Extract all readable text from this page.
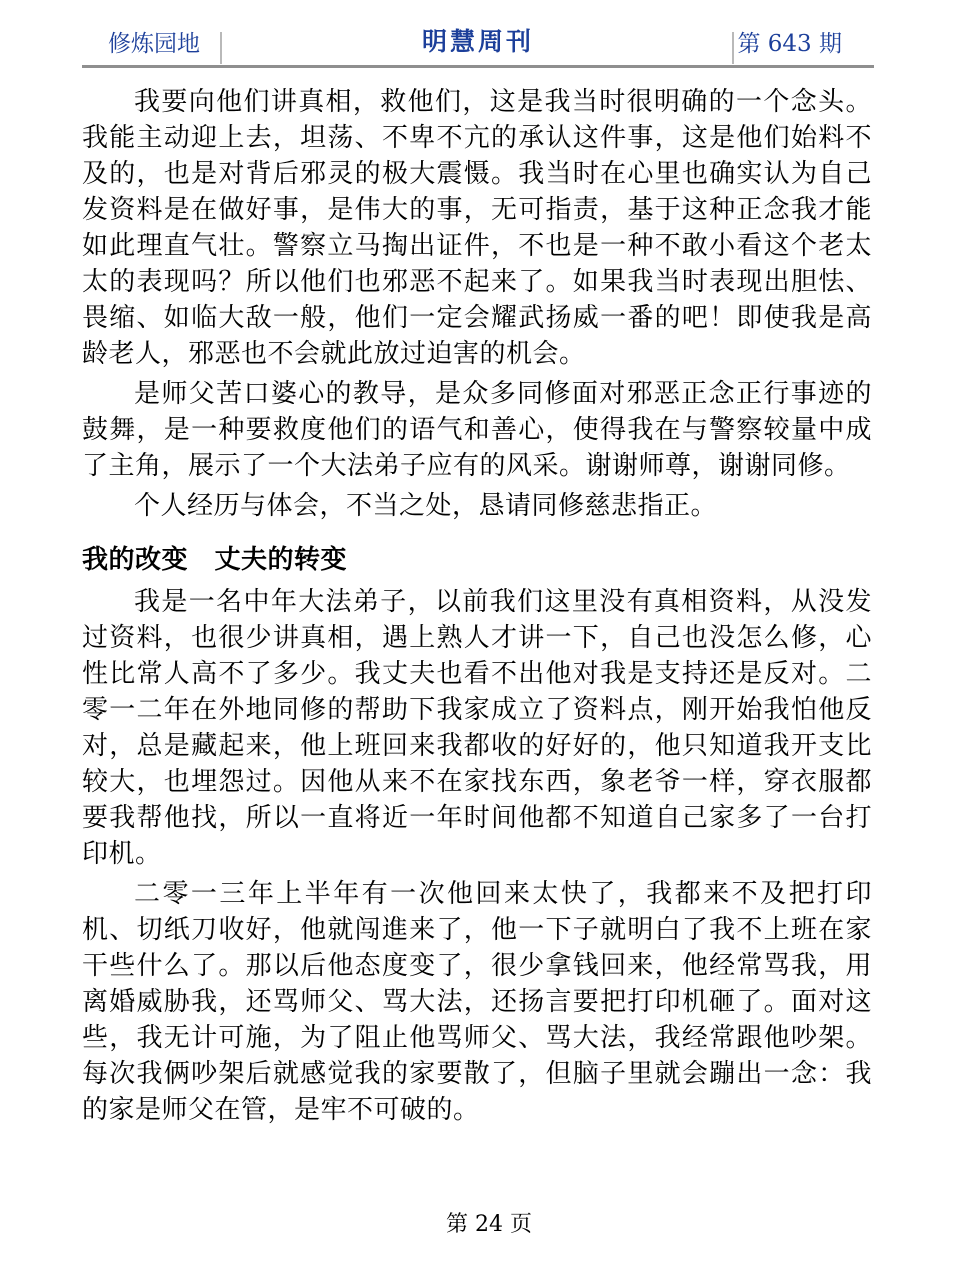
修炼园地	明慧周刊	第 643 期

我要向他们讲真相，救他们，这是我当时很明确的一个念头。我能主动迎上去，坦荡、不卑不亢的承认这件事，这是他们始料不及的，也是对背后邪灵的极大震慑。我当时在心里也确实认为自己发资料是在做好事，是伟大的事，无可指责，基于这种正念我才能如此理直气壮。警察立马掏出证件，不也是一种不敢小看这个老太太的表现吗？所以他们也邪恶不起来了。如果我当时表现出胆怯、畏缩、如临大敌一般，他们一定会耀武扬威一番的吧！即使我是高龄老人，邪恶也不会就此放过迫害的机会。

是师父苦口婆心的教导，是众多同修面对邪恶正念正行事迹的鼓舞，是一种要救度他们的语气和善心，使得我在与警察较量中成了主角，展示了一个大法弟子应有的风采。谢谢师尊，谢谢同修。

个人经历与体会，不当之处，恳请同修慈悲指正。

我的改变　丈夫的转变

我是一名中年大法弟子，以前我们这里没有真相资料，从没发过资料，也很少讲真相，遇上熟人才讲一下，自己也没怎么修，心性比常人高不了多少。我丈夫也看不出他对我是支持还是反对。二零一二年在外地同修的帮助下我家成立了资料点，刚开始我怕他反对，总是藏起来，他上班回来我都收的好好的，他只知道我开支比较大，也埋怨过。因他从来不在家找东西，象老爷一样，穿衣服都要我帮他找，所以一直将近一年时间他都不知道自己家多了一台打印机。

二零一三年上半年有一次他回来太快了，我都来不及把打印机、切纸刀收好，他就闯進来了，他一下子就明白了我不上班在家干些什么了。那以后他态度变了，很少拿钱回来，他经常骂我，用离婚威胁我，还骂师父、骂大法，还扬言要把打印机砸了。面对这些，我无计可施，为了阻止他骂师父、骂大法，我经常跟他吵架。每次我俩吵架后就感觉我的家要散了，但脑子里就会蹦出一念：我的家是师父在管，是牢不可破的。

第 24 页
